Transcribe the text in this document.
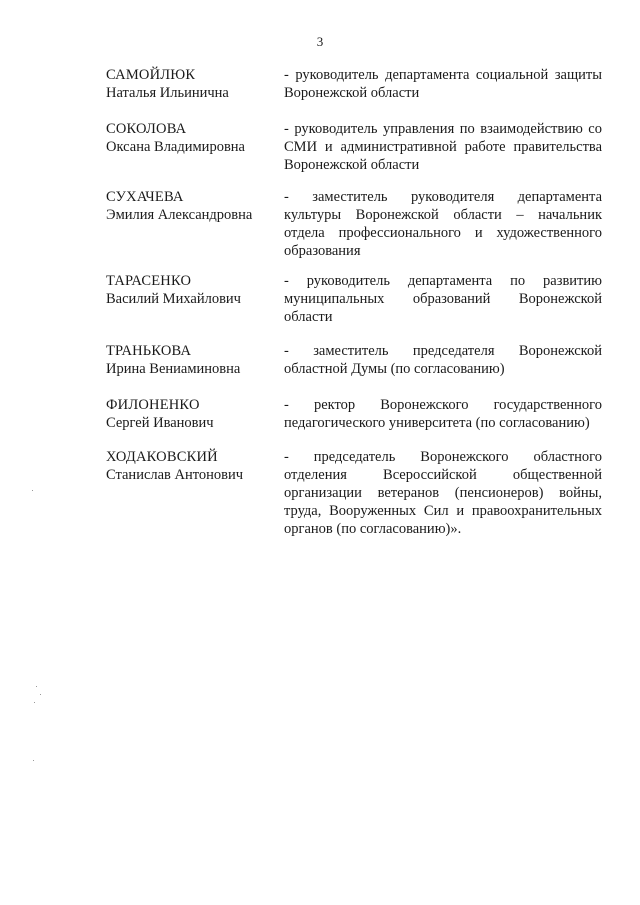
3
САМОЙЛЮК
Наталья Ильинична
- руководитель департамента социальной защиты
Воронежской области
СОКОЛОВА
Оксана Владимировна
- руководитель управления по взаимодействию со
СМИ и административной работе правительства
Воронежской области
СУХАЧЕВА
Эмилия Александровна
- заместитель руководителя департамента
культуры Воронежской области – начальник
отдела профессионального и художественного
образования
ТАРАСЕНКО
Василий Михайлович
- руководитель департамента по развитию
муниципальных образований Воронежской
области
ТРАНЬКОВА
Ирина Вениаминовна
- заместитель председателя Воронежской
областной Думы (по согласованию)
ФИЛОНЕНКО
Сергей Иванович
- ректор Воронежского государственного
педагогического университета (по согласованию)
ХОДАКОВСКИЙ
Станислав Антонович
- председатель Воронежского областного
отделения Всероссийской общественной
организации ветеранов (пенсионеров) войны,
труда, Вооруженных Сил и правоохранительных
органов (по согласованию)».
